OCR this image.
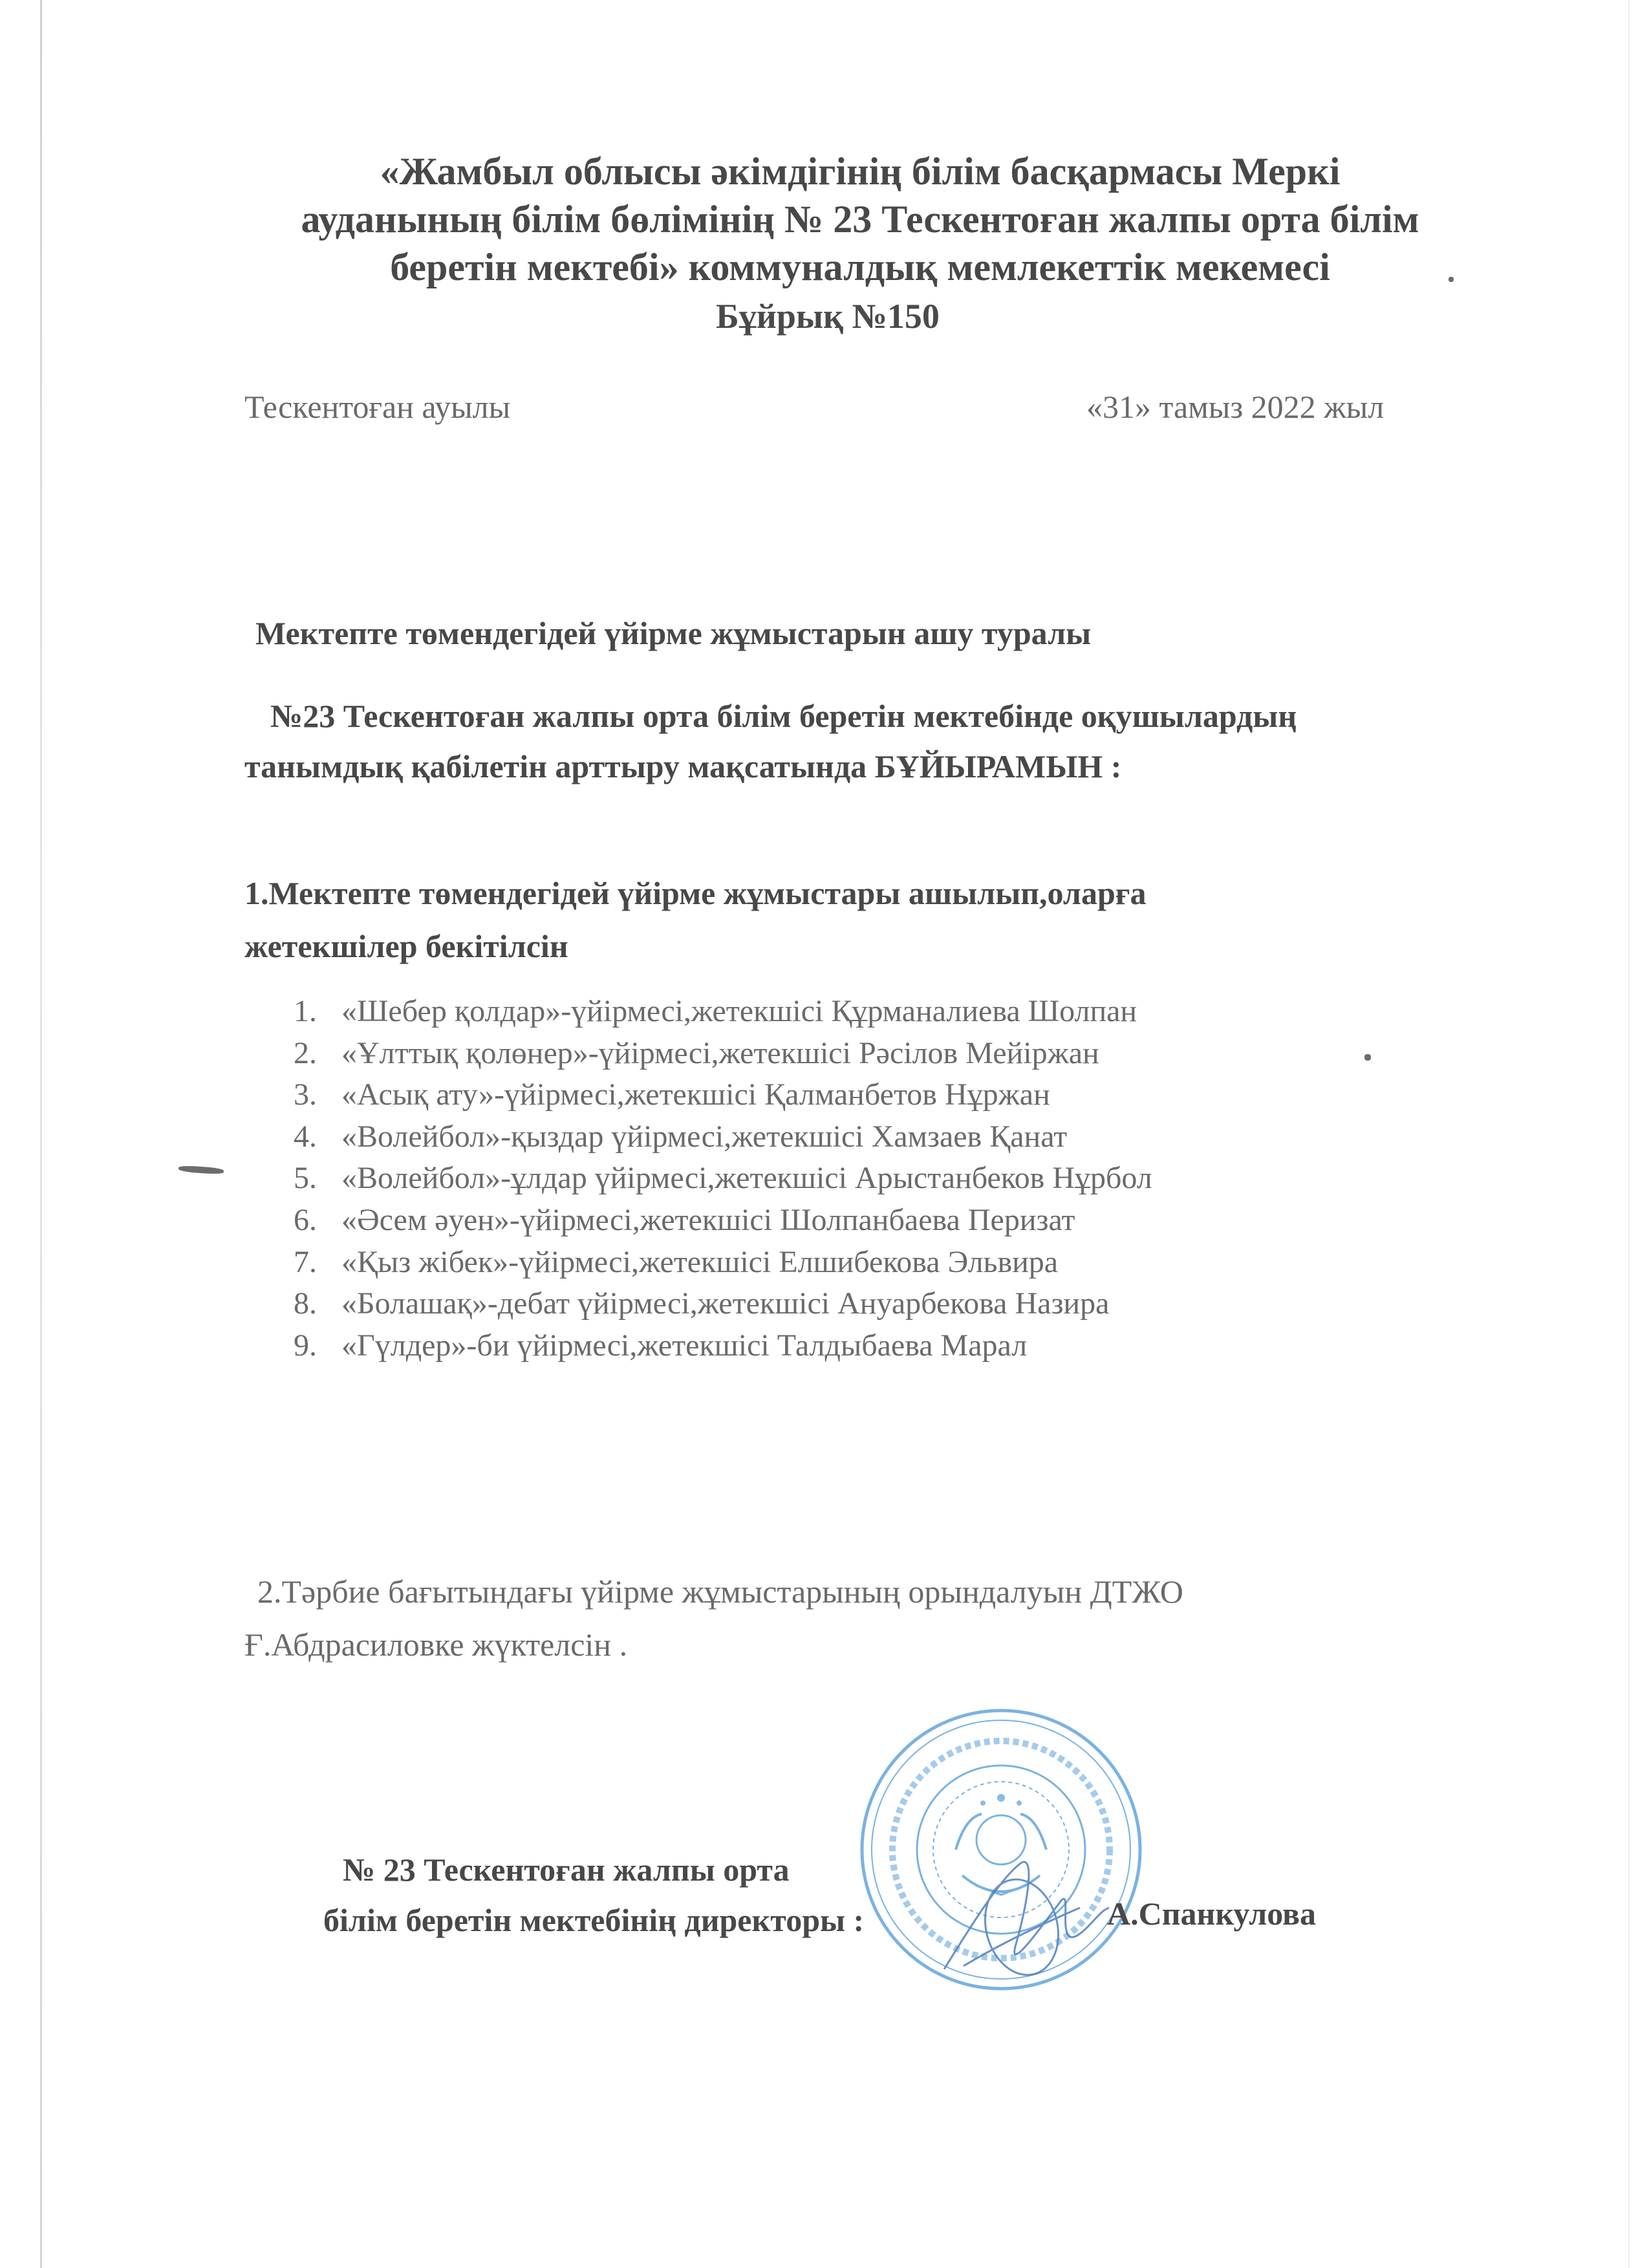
«Жамбыл облысы әкімдігінің білім басқармасы Меркі
ауданының білім бөлімінің № 23 Тескентоған жалпы орта білім
беретін мектебі» коммуналдық мемлекеттік мекемесі
Бұйрық №150
Тескентоған ауылы	«31» тамыз 2022 жыл
Мектепте төмендегідей үйірме жұмыстарын ашу туралы
№23 Тескентоған жалпы орта білім беретін мектебінде оқушылардың
танымдық қабілетін арттыру мақсатында БҰЙЫРАМЫН :
1.Мектепте төмендегідей үйірме жұмыстары ашылып,оларға
жетекшілер бекітілсін
1. «Шебер қолдар»-үйірмесі,жетекшісі Құрманалиева Шолпан
2. «Ұлттық қолөнер»-үйірмесі,жетекшісі Рәсілов Мейіржан
3. «Асық ату»-үйірмесі,жетекшісі Қалманбетов Нұржан
4. «Волейбол»-қыздар үйірмесі,жетекшісі Хамзаев Қанат
5. «Волейбол»-ұлдар үйірмесі,жетекшісі Арыстанбеков Нұрбол
6. «Әсем әуен»-үйірмесі,жетекшісі Шолпанбаева Перизат
7. «Қыз жібек»-үйірмесі,жетекшісі Елшибекова Эльвира
8. «Болашақ»-дебат үйірмесі,жетекшісі Ануарбекова Назира
9. «Гүлдер»-би үйірмесі,жетекшісі Талдыбаева Марал
2.Тәрбие бағытындағы үйірме жұмыстарының орындалуын ДТЖО
Ғ.Абдрасиловке жүктелсін .
№ 23 Тескентоған жалпы орта
білім беретін мектебінің директоры :	А.Спанкулова
